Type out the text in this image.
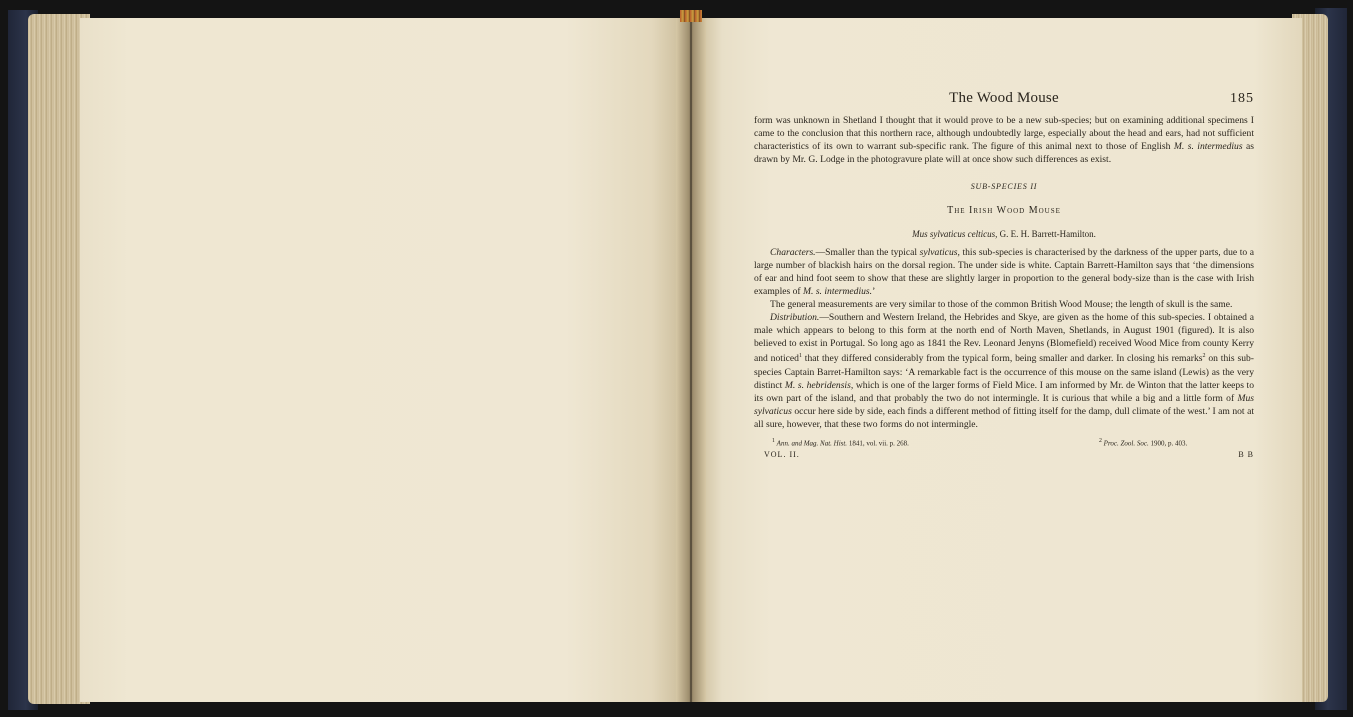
The Wood Mouse	185

form was unknown in Shetland I thought that it would prove to be a new sub-species; but on examining additional specimens I came to the conclusion that this northern race, although undoubtedly large, especially about the head and ears, had not sufficient characteristics of its own to warrant sub-specific rank. The figure of this animal next to those of English M. s. intermedius as drawn by Mr. G. Lodge in the photogravure plate will at once show such differences as exist.

SUB-SPECIES II
The Irish Wood Mouse
Mus sylvaticus celticus, G. E. H. Barrett-Hamilton.

Characters.—Smaller than the typical sylvaticus, this sub-species is characterised by the darkness of the upper parts, due to a large number of blackish hairs on the dorsal region. The under side is white. Captain Barrett-Hamilton says that ‘the dimensions of ear and hind foot seem to show that these are slightly larger in proportion to the general body-size than is the case with Irish examples of M. s. intermedius.’

The general measurements are very similar to those of the common British Wood Mouse; the length of skull is the same.

Distribution.—Southern and Western Ireland, the Hebrides and Skye, are given as the home of this sub-species. I obtained a male which appears to belong to this form at the north end of North Maven, Shetlands, in August 1901 (figured). It is also believed to exist in Portugal. So long ago as 1841 the Rev. Leonard Jenyns (Blomefield) received Wood Mice from county Kerry and noticed$^1$ that they differed considerably from the typical form, being smaller and darker. In closing his remarks$^2$ on this sub-species Captain Barret-Hamilton says: ‘A remarkable fact is the occurrence of this mouse on the same island (Lewis) as the very distinct M. s. hebridensis, which is one of the larger forms of Field Mice. I am informed by Mr. de Winton that the latter keeps to its own part of the island, and that probably the two do not intermingle. It is curious that while a big and a little form of Mus sylvaticus occur here side by side, each finds a different method of fitting itself for the damp, dull climate of the west.’ I am not at all sure, however, that these two forms do not intermingle.

$^1$ Ann. and Mag. Nat. Hist. 1841, vol. vii. p. 268.	$^2$ Proc. Zool. Soc. 1900, p. 403.
VOL. II.	B B
